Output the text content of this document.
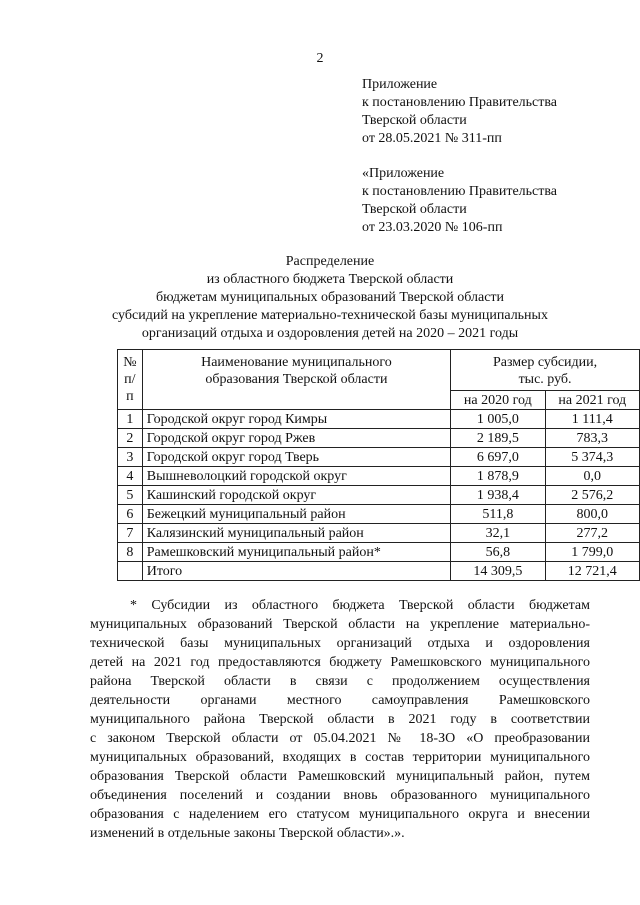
2
Приложение
к постановлению Правительства
Тверской области
от 28.05.2021 № 311-пп
«Приложение
к постановлению Правительства
Тверской области
от 23.03.2020 № 106-пп
Распределение
из областного бюджета Тверской области
бюджетам муниципальных образований Тверской области
субсидий на укрепление материально-технической базы муниципальных
организаций отдыха и оздоровления детей на 2020 – 2021 годы
№ п/п	Наименование муниципального образования Тверской области	Размер субсидии, тыс. руб.	
		на 2020 год	на 2021 год
1	Городской округ город Кимры	1 005,0	1 111,4
2	Городской округ город Ржев	2 189,5	783,3
3	Городской округ город Тверь	6 697,0	5 374,3
4	Вышневолоцкий городской округ	1 878,9	0,0
5	Кашинский городской округ	1 938,4	2 576,2
6	Бежецкий муниципальный район	511,8	800,0
7	Калязинский муниципальный район	32,1	277,2
8	Рамешковский муниципальный район*	56,8	1 799,0
	Итого	14 309,5	12 721,4
* Субсидии из областного бюджета Тверской области бюджетам
муниципальных образований Тверской области на укрепление материально-
технической базы муниципальных организаций отдыха и оздоровления
детей на 2021 год предоставляются бюджету Рамешковского муниципального
района Тверской области в связи с продолжением осуществления
деятельности органами местного самоуправления Рамешковского
муниципального района Тверской области в 2021 году в соответствии
с законом Тверской области от 05.04.2021 № 18-ЗО «О преобразовании
муниципальных образований, входящих в состав территории муниципального
образования Тверской области Рамешковский муниципальный район, путем
объединения поселений и создании вновь образованного муниципального
образования с наделением его статусом муниципального округа и внесении
изменений в отдельные законы Тверской области».».
